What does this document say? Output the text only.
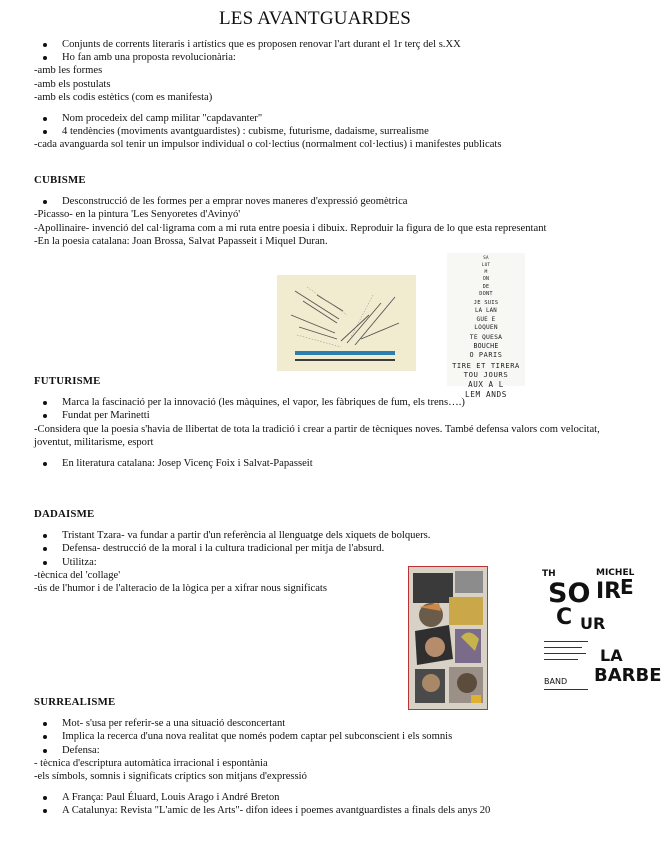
LES AVANTGUARDES
Conjunts de corrents literaris i artístics que es proposen renovar l'art durant el 1r terç del s.XX
Ho fan amb una proposta revolucionària:
-amb les formes
-amb els postulats
-amb els codis estètics (com es manifesta)
Nom procedeix del camp militar "capdavanter"
4 tendències (moviments avantguardistes) : cubisme, futurisme, dadaisme, surrealisme
-cada avanguarda sol tenir un impulsor individual o col·lectius (normalment col·lectius) i manifestes publicats
CUBISME
Desconstrucció de les formes per a emprar noves maneres d'expressió geomètrica
-Picasso- en la pintura 'Les Senyoretes d'Avinyó'
-Apollinaire- invenció del cal·ligrama com a mi ruta entre poesia i dibuix. Reproduir la figura de lo que esta representant
-En la poesia catalana: Joan Brossa, Salvat Papasseit i Miquel Duran.
SA
LUT
M
ON
DE
DONT
JE SUIS
LA LAN
GUE E
LOQUEN
TE QUESA
BOUCHE
O PARIS
TIRE ET TIRERA
TOU JOURS
AUX A L
LEM ANDS
FUTURISME
Marca la fascinació per la innovació (les màquines, el vapor, les fàbriques de fum, els trens….)
Fundat per Marinetti
-Considera que la poesia s'havia de llibertat de tota la tradició i crear a partir de tècniques noves. També defensa valors com velocitat, joventut, militarisme, esport
En literatura catalana: Josep Vicenç Foix i Salvat-Papasseit
DADAISME
Tristant Tzara- va fundar a partir d'un referència al llenguatge dels xiquets de bolquers.
Defensa- destrucció de la moral i la cultura tradicional per mitja de l'absurd.
Utilitza:
-tècnica del 'collage'
-ús de l'humor i de l'alteracio de la lògica per a xifrar nous significats
TH	MICHEL
SO IR
E
C UR
LA
BARBE
BAND
SURREALISME
Mot- s'usa per referir-se a una situació desconcertant
Implica la recerca d'una nova realitat que només podem captar pel subconscient i els somnis
Defensa:
- tècnica d'escriptura automàtica irracional i espontània
-els símbols, somnis i significats críptics son mitjans d'expressió
A França: Paul Éluard, Louis Arago i André Breton
A Catalunya: Revista "L'amic de les Arts"- difon idees i poemes avantguardistes a finals dels anys 20
